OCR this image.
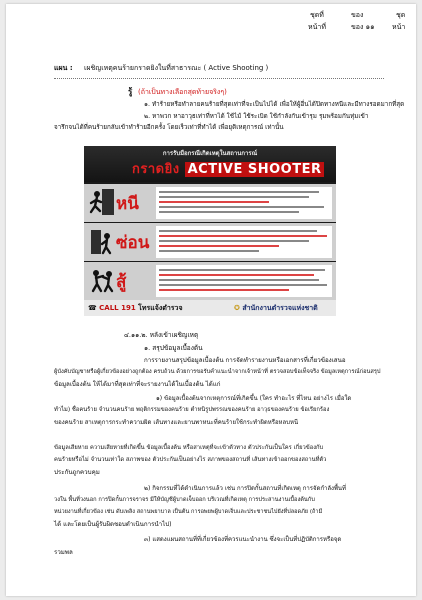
ชุดที่	ของ	ชุด
หน้าที่	ของ ๑๑ หน้า
แผน : เผชิญเหตุคนร้ายกราดยิงในที่สาธารณะ ( Active Shooting )
รู้ (ถ้าเป็นทางเลือกสุดท้ายจริงๆ)
๑. ทำร้ายหรือทำลายคนร้ายที่สุดเท่าที่จะเป็นไปได้ เพื่อให้ผู้อื่นได้ปิดทางหนีและมีทางรอดมากที่สุด
๒. หาพวก หาอาวุธเท่าที่หาได้ ใช้ไม้ ใช้ระเบิด ใช้กำลังกันเข้ารุม รุมพร้อมกันทุ่มเข้า
จารึกจนได้ที่คนร้ายกลับเข้าทำร้ายอีกครั้ง โดยเร็วเท่าที่ทำได้ เพื่อยุติเหตุการณ์ เท่านั้น
การรับมือกรณีเกิดเหตุในสถานการณ์
กราดยิง ACTIVE SHOOTER
หนี
ซ่อน
สู้
☎ CALL 191 โทรแจ้งตำรวจ	✪ สำนักงานตำรวจแห่งชาติ
๔.๑๑.๒. หลังเข้าเผชิญเหตุ
๑. สรุปข้อมูลเบื้องต้น
การรายงานสรุปข้อมูลเบื้องต้น การจัดทำรายงานหรือเอกสารที่เกี่ยวข้องเสนอ
ผู้บังคับบัญชาหรือผู้เกี่ยวข้องอย่างถูกต้อง ครบถ้วน ด้วยการขอรับคำแนะนำจากเจ้าหน้าที่ ตรวจสอบข้อเท็จจริง ข้อมูลเหตุการณ์ก่อนสรุป
ข้อมูลเบื้องต้น ให้ได้มาที่สุดเท่าที่จะรายงานได้ในเบื้องต้น ได้แก่
๑) ข้อมูลเบื้องต้นจากเหตุการณ์ที่เกิดขึ้น (ใคร ทำอะไร ที่ไหน อย่างไร เมื่อใด
ทำไม) ชื่อคนร้าย จำนวนคนร้าย พฤติกรรมของคนร้าย ตำหนิรูปพรรณของคนร้าย อาวุธของคนร้าย ข้อเรียกร้อง
ของคนร้าย สาเหตุการกระทำความผิด เส้นทางและยานพาหนะที่คนร้ายใช้กระทำผิดหรือหลบหนี
ข้อมูลเสียหาย ความเสียหายที่เกิดขึ้น ข้อมูลเบื้องต้น หรือสาเหตุที่จะเข้าตัวทาง ตัวประกันเป็นใคร เกี่ยวข้องกับ
คนร้ายหรือไม่ จำนวนเท่าใด สภาพของ ตัวประกันเป็นอย่างไร สภาพของสถานที่ เส้นทางเข้าออกของสถานที่ตัว
ประกันถูกควบคุม
๒) กิจกรรมที่ได้ดำเนินการแล้ว เช่น การปิดกั้นสถานที่เกิดเหตุ การจัดกำลังพื้นที่
วงใน พื้นที่วงนอก การปิดกั้นการจราจร มีให้บัญชีผู้บาดเจ็บออก บริเวณที่เกิดเหตุ การประสานงานเบื้องต้นกับ
หน่วยงานที่เกี่ยวข้อง เช่น ดับเพลิง สถานพยาบาล เป็นต้น การอพยพผู้บาดเจ็บและประชาชนไปยังที่ปลอดภัย (ถ้ามี
ได้ และโดยเป็นผู้รับผิดชอบดำเนินการนำไป)
๓) แสดงแผนสถานที่ที่เกี่ยวข้องที่ควรแนะนำงาน ซึ่งจะเป็นที่ปฏิบัติการหรือจุด
รวมพล
